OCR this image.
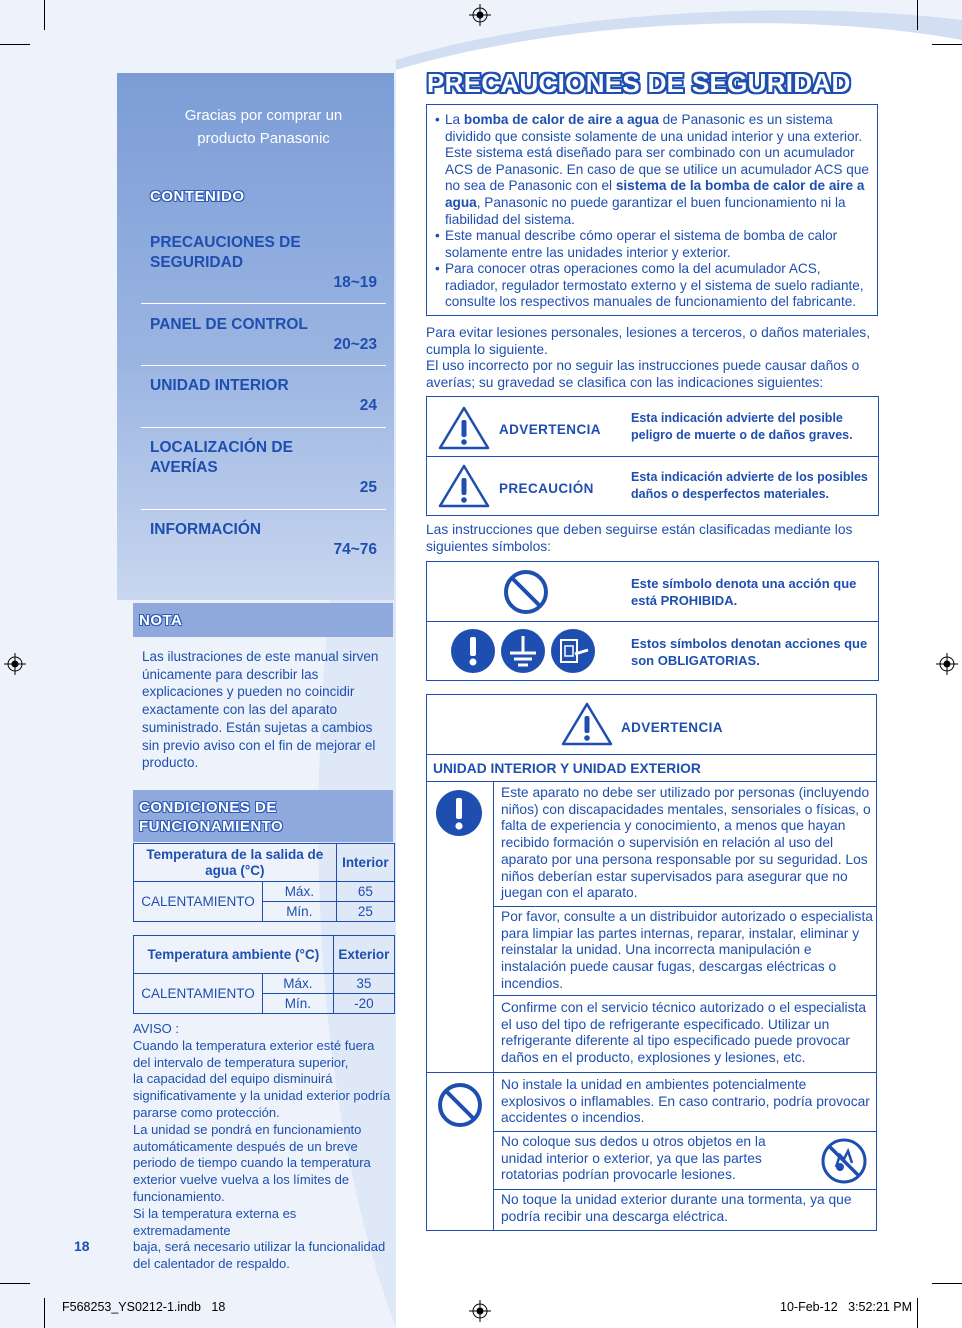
Gracias por comprar un producto Panasonic
CONTENIDO
PRECAUCIONES DE SEGURIDAD
18~19
PANEL DE CONTROL
20~23
UNIDAD INTERIOR
24
LOCALIZACIÓN DE AVERÍAS
25
INFORMACIÓN
74~76
NOTA
Las ilustraciones de este manual sirven únicamente para describir las explicaciones y pueden no coincidir exactamente con las del aparato suministrado. Están sujetas a cambios sin previo aviso con el fin de mejorar el producto.
CONDICIONES DE FUNCIONAMIENTO
Temperatura de la salida de agua (°C)		Interior
CALENTAMIENTO	Máx.	65
	Mín.	25
Temperatura ambiente (°C)		Exterior
CALENTAMIENTO	Máx.	35
	Mín.	-20
AVISO :
Cuando la temperatura exterior esté fuera
del intervalo de temperatura superior,
la capacidad del equipo disminuirá
significativamente y la unidad exterior podría
pararse como protección.
La unidad se pondrá en funcionamiento
automáticamente después de un breve
periodo de tiempo cuando la temperatura
exterior vuelve vuelva a los límites de
funcionamiento.
Si la temperatura externa es extremadamente
baja, será necesario utilizar la funcionalidad
del calentador de respaldo.
18
PRECAUCIONES DE SEGURIDAD
• La bomba de calor de aire a agua de Panasonic es un sistema dividido que consiste solamente de una unidad interior y una exterior. Este sistema está diseñado para ser combinado con un acumulador ACS de Panasonic. En caso de que se utilice un acumulador ACS que no sea de Panasonic con el sistema de la bomba de calor de aire a agua, Panasonic no puede garantizar el buen funcionamiento ni la fiabilidad del sistema.
• Este manual describe cómo operar el sistema de bomba de calor solamente entre las unidades interior y exterior.
• Para conocer otras operaciones como la del acumulador ACS, radiador, regulador termostato externo y el sistema de suelo radiante, consulte los respectivos manuales de funcionamiento del fabricante.
Para evitar lesiones personales, lesiones a terceros, o daños materiales, cumpla lo siguiente.
El uso incorrecto por no seguir las instrucciones puede causar daños o averías; su gravedad se clasifica con las indicaciones siguientes:
ADVERTENCIA
Esta indicación advierte del posible peligro de muerte o de daños graves.
PRECAUCIÓN
Esta indicación advierte de los posibles daños o desperfectos materiales.
Las instrucciones que deben seguirse están clasificadas mediante los siguientes símbolos:
Este símbolo denota una acción que está PROHIBIDA.
Estos símbolos denotan acciones que son OBLIGATORIAS.
ADVERTENCIA
UNIDAD INTERIOR Y UNIDAD EXTERIOR
Este aparato no debe ser utilizado por personas (incluyendo niños) con discapacidades mentales, sensoriales o físicas, o falta de experiencia y conocimiento, a menos que hayan recibido formación o supervisión en relación al uso del aparato por una persona responsable por su seguridad. Los niños deberían estar supervisados para asegurar que no juegan con el aparato.
Por favor, consulte a un distribuidor autorizado o especialista para limpiar las partes internas, reparar, instalar, eliminar y reinstalar la unidad. Una incorrecta manipulación e instalación puede causar fugas, descargas eléctricas o incendios.
Confirme con el servicio técnico autorizado o el especialista el uso del tipo de refrigerante especificado. Utilizar un refrigerante diferente al tipo especificado puede provocar daños en el producto, explosiones y lesiones, etc.
No instale la unidad en ambientes potencialmente explosivos o inflamables. En caso contrario, podría provocar accidentes o incendios.
No coloque sus dedos u otros objetos en la unidad interior o exterior, ya que las partes rotatorias podrían provocarle lesiones.
No toque la unidad exterior durante una tormenta, ya que podría recibir una descarga eléctrica.
F568253_YS0212-1.indb   18	10-Feb-12   3:52:21 PM
